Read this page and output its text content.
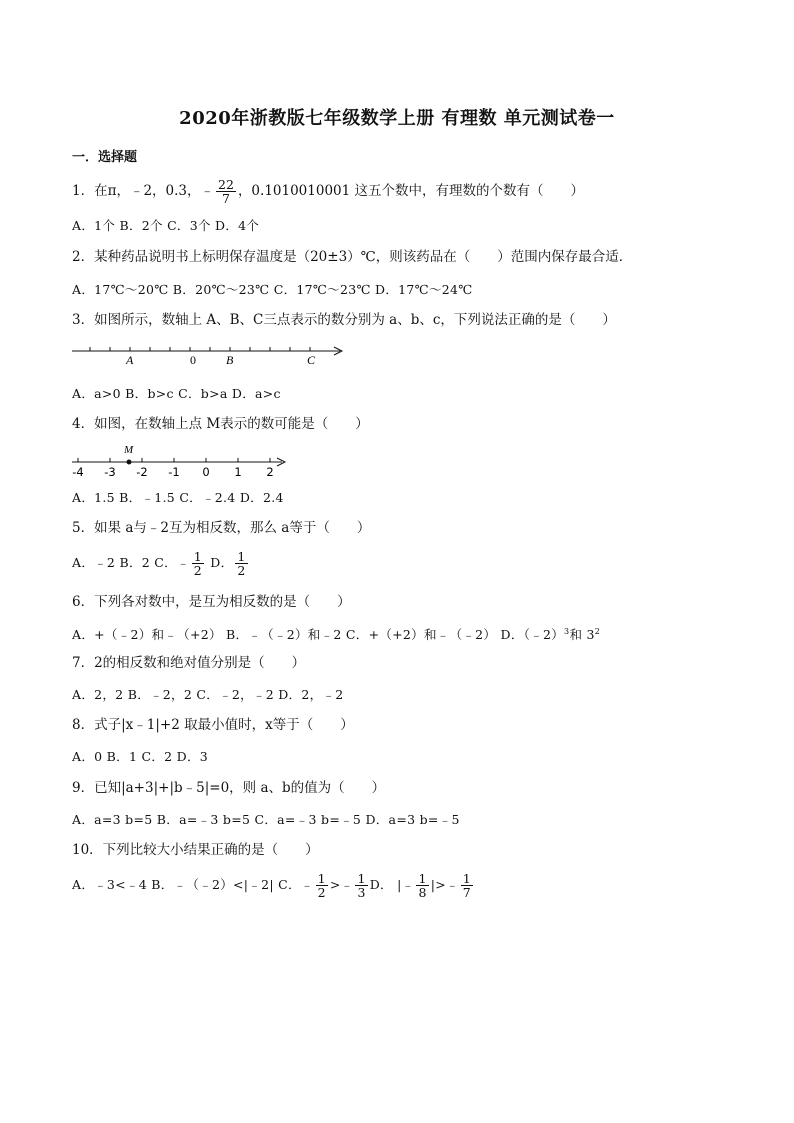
2020年浙教版七年级数学上册 有理数 单元测试卷一
一．选择题
1．在π，﹣2，0.3，﹣ $\frac{22}{7}$ ，0.1010010001 这五个数中，有理数的个数有（　　）
A．1个 B．2个 C．3个 D．4个
2．某种药品说明书上标明保存温度是（20±3）℃，则该药品在（　　）范围内保存最合适．
A．17℃～20℃ B．20℃～23℃ C．17℃～23℃ D．17℃～24℃
3．如图所示，数轴上 A、B、C三点表示的数分别为 a、b、c，下列说法正确的是（　　）
A	0	B	C
A．a>0 B．b>c C．b>a D．a>c
4．如图，在数轴上点 M表示的数可能是（　　）
M
-4 -3 -2 -1 0 1 2
A．1.5 B．﹣1.5 C．﹣2.4 D．2.4
5．如果 a与﹣2互为相反数，那么 a等于（　　）
A．﹣2 B．2 C．﹣ $\frac{1}{2}$ D． $\frac{1}{2}$
6．下列各对数中，是互为相反数的是（　　）
A．+（﹣2）和﹣（+2） B．﹣（﹣2）和﹣2 C．+（+2）和﹣（﹣2） D．（﹣2）$^3$和 $3^2$
7．2的相反数和绝对值分别是（　　）
A．2，2 B．﹣2，2 C．﹣2，﹣2 D．2，﹣2
8．式子|x﹣1|+2 取最小值时，x等于（　　）
A．0 B．1 C．2 D．3
9．已知|a+3|+|b﹣5|=0，则 a、b的值为（　　）
A．a=3 b=5 B．a=﹣3 b=5 C．a=﹣3 b=﹣5 D．a=3 b=﹣5
10．下列比较大小结果正确的是（　　）
A．﹣3<﹣4 B．﹣（﹣2）<|﹣2| C．﹣ $\frac{1}{2}$ >﹣ $\frac{1}{3}$ D． |﹣ $\frac{1}{8}$ |>﹣ $\frac{1}{7}$
